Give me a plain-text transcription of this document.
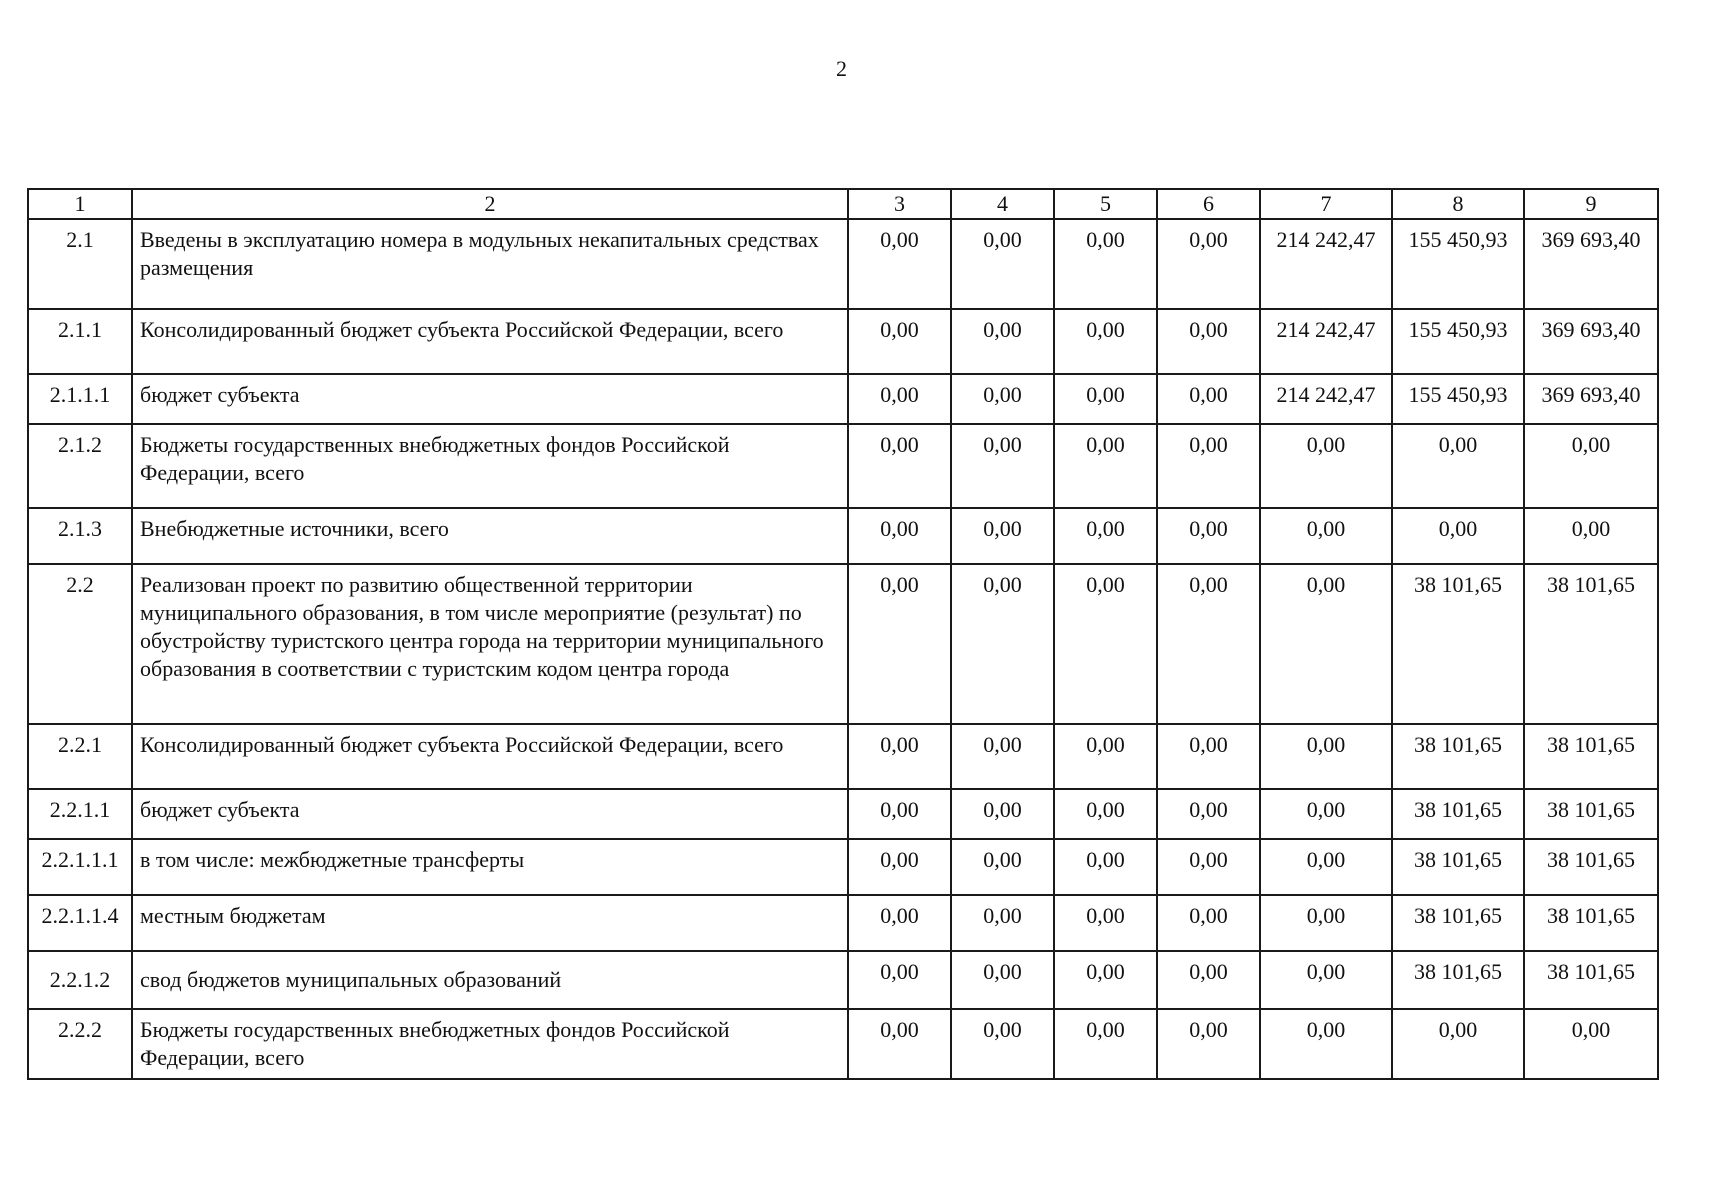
2
1	2	3	4	5	6	7	8	9
2.1	Введены в эксплуатацию номера в модульных некапитальных средствах размещения	0,00	0,00	0,00	0,00	214 242,47	155 450,93	369 693,40
2.1.1	Консолидированный бюджет субъекта Российской Федерации, всего	0,00	0,00	0,00	0,00	214 242,47	155 450,93	369 693,40
2.1.1.1	бюджет субъекта	0,00	0,00	0,00	0,00	214 242,47	155 450,93	369 693,40
2.1.2	Бюджеты государственных внебюджетных фондов Российской Федерации, всего	0,00	0,00	0,00	0,00	0,00	0,00	0,00
2.1.3	Внебюджетные источники, всего	0,00	0,00	0,00	0,00	0,00	0,00	0,00
2.2	Реализован проект по развитию общественной территории муниципального образования, в том числе мероприятие (результат) по обустройству туристского центра города на территории муниципального образования в соответствии с туристским кодом центра города	0,00	0,00	0,00	0,00	0,00	38 101,65	38 101,65
2.2.1	Консолидированный бюджет субъекта Российской Федерации, всего	0,00	0,00	0,00	0,00	0,00	38 101,65	38 101,65
2.2.1.1	бюджет субъекта	0,00	0,00	0,00	0,00	0,00	38 101,65	38 101,65
2.2.1.1.1	в том числе: межбюджетные трансферты	0,00	0,00	0,00	0,00	0,00	38 101,65	38 101,65
2.2.1.1.4	местным бюджетам	0,00	0,00	0,00	0,00	0,00	38 101,65	38 101,65
2.2.1.2	свод бюджетов муниципальных образований	0,00	0,00	0,00	0,00	0,00	38 101,65	38 101,65
2.2.2	Бюджеты государственных внебюджетных фондов Российской Федерации, всего	0,00	0,00	0,00	0,00	0,00	0,00	0,00
